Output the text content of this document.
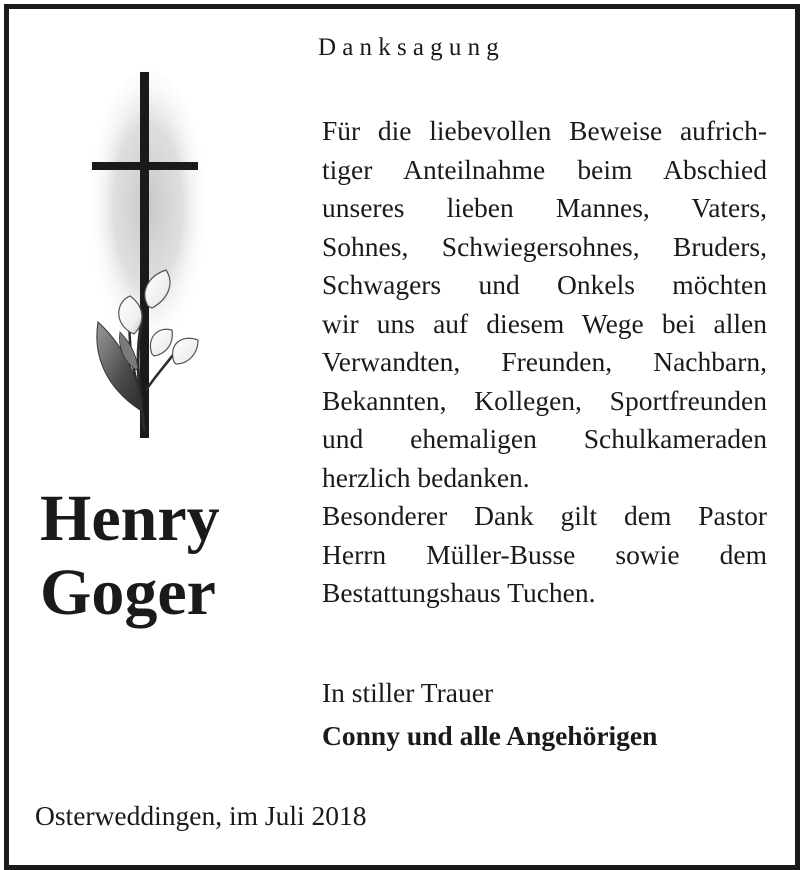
Danksagung
Für die liebevollen Beweise aufrich-
tiger Anteilnahme beim Abschied
unseres lieben Mannes, Vaters,
Sohnes, Schwiegersohnes, Bruders,
Schwagers und Onkels möchten
wir uns auf diesem Wege bei allen
Verwandten, Freunden, Nachbarn,
Bekannten, Kollegen, Sportfreunden
und ehemaligen Schulkameraden
herzlich bedanken.
Besonderer Dank gilt dem Pastor
Herrn Müller-Busse sowie dem
Bestattungshaus Tuchen.
In stiller Trauer
Conny und alle Angehörigen
Henry
Goger
Osterweddingen, im Juli 2018
